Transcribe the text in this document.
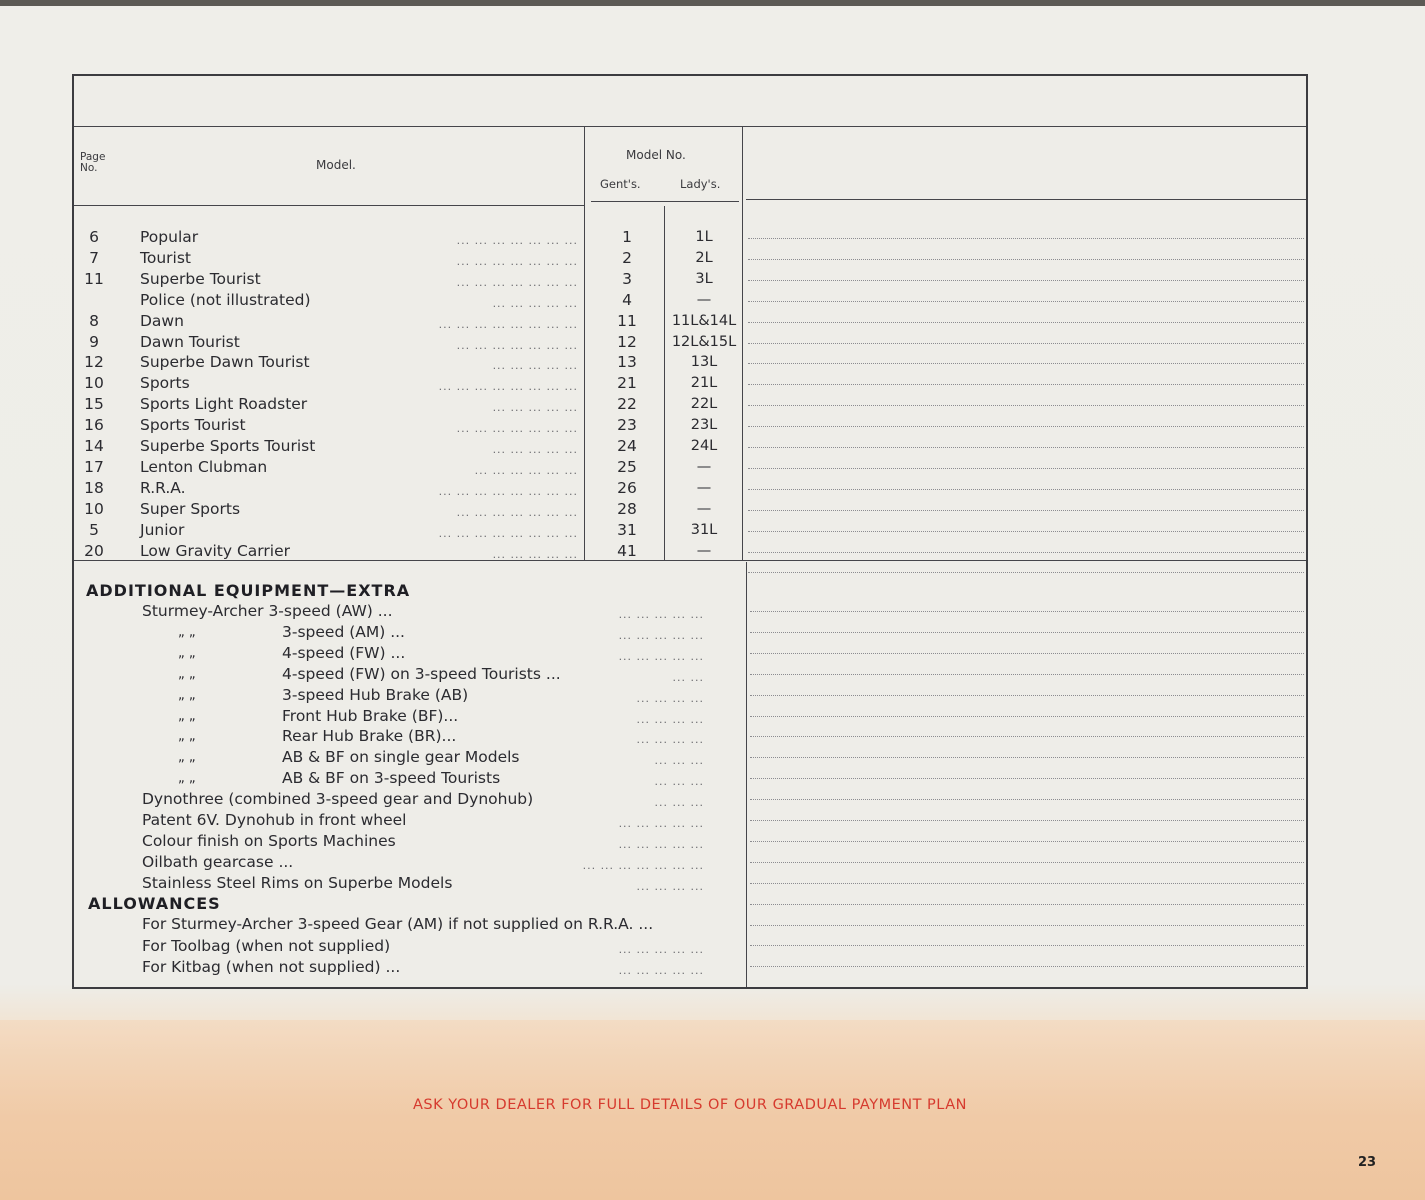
Page
No.	Model.
Model No.
Gent's.	Lady's.
6	Popular	... ... ... ... ... ... ...	1	1L
7	Tourist	... ... ... ... ... ... ...	2	2L
11	Superbe Tourist	... ... ... ... ... ... ...	3	3L
Police (not illustrated)	... ... ... ... ...	4	—
8	Dawn	... ... ... ... ... ... ... ...	11	11L&14L
9	Dawn Tourist	... ... ... ... ... ... ...	12	12L&15L
12	Superbe Dawn Tourist	... ... ... ... ...	13	13L
10	Sports	... ... ... ... ... ... ... ...	21	21L
15	Sports Light Roadster	... ... ... ... ...	22	22L
16	Sports Tourist	... ... ... ... ... ... ...	23	23L
14	Superbe Sports Tourist	... ... ... ... ...	24	24L
17	Lenton Clubman	... ... ... ... ... ...	25	—
18	R.R.A.	... ... ... ... ... ... ... ...	26	—
10	Super Sports	... ... ... ... ... ... ...	28	—
5	Junior	... ... ... ... ... ... ... ...	31	31L
20	Low Gravity Carrier	... ... ... ... ...	41	—
ADDITIONAL EQUIPMENT—EXTRA
Sturmey-Archer 3-speed (AW) ...	... ... ... ... ...
„ „	3-speed (AM) ...	... ... ... ... ...
„ „	4-speed (FW) ...	... ... ... ... ...
„ „	4-speed (FW) on 3-speed Tourists ...	... ...
„ „	3-speed Hub Brake (AB)	... ... ... ...
„ „	Front Hub Brake (BF)...	... ... ... ...
„ „	Rear Hub Brake (BR)...	... ... ... ...
„ „	AB & BF on single gear Models	... ... ...
„ „	AB & BF on 3-speed Tourists	... ... ...
Dynothree (combined 3-speed gear and Dynohub)	... ... ...
Patent 6V. Dynohub in front wheel	... ... ... ... ...
Colour finish on Sports Machines	... ... ... ... ...
Oilbath gearcase ...	... ... ... ... ... ... ...
Stainless Steel Rims on Superbe Models	... ... ... ...
ALLOWANCES
For Sturmey-Archer 3-speed Gear (AM) if not supplied on R.R.A. ...
For Toolbag (when not supplied)	... ... ... ... ...
For Kitbag (when not supplied) ...	... ... ... ... ...
ASK YOUR DEALER FOR FULL DETAILS OF OUR GRADUAL PAYMENT PLAN
23
